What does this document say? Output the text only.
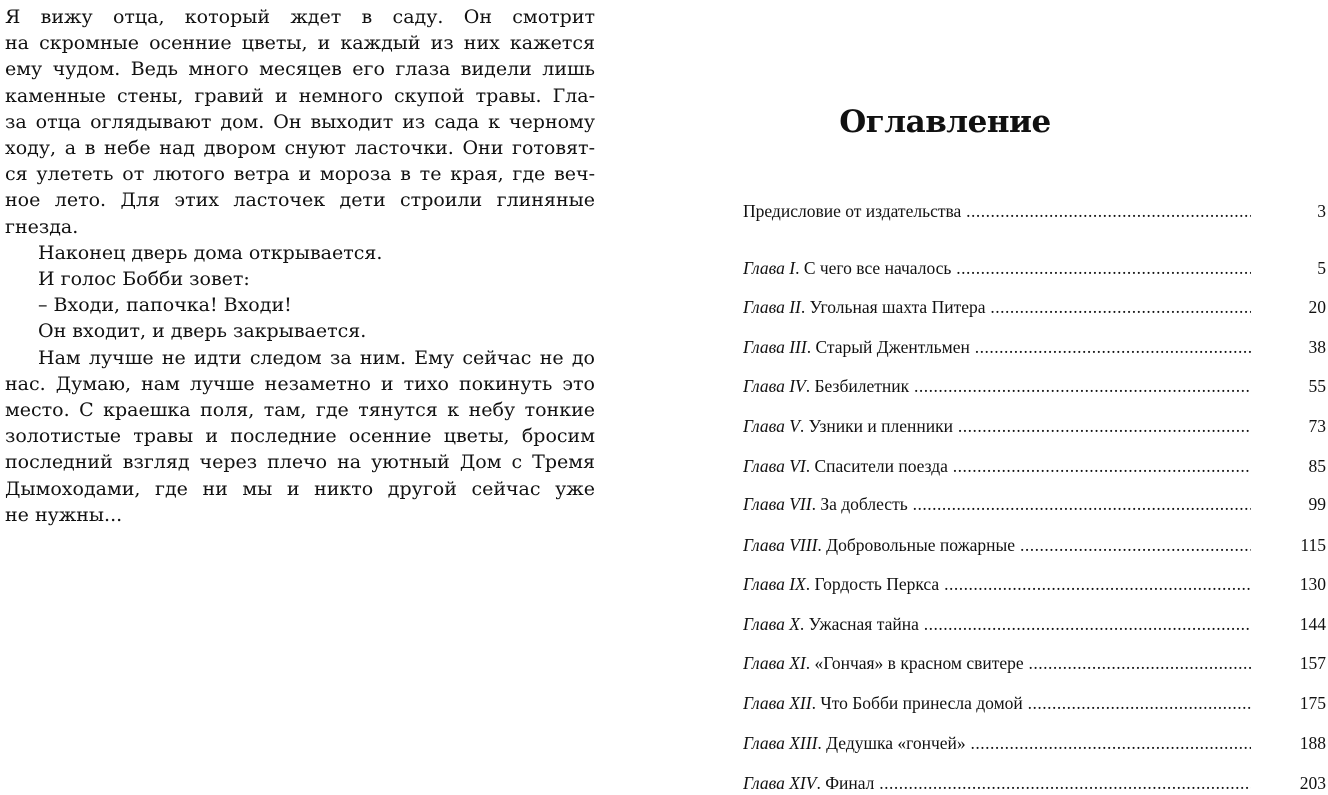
Я вижу отца, который ждет в саду. Он смотрит
на скромные осенние цветы, и каждый из них кажется
ему чудом. Ведь много месяцев его глаза видели лишь
каменные стены, гравий и немного скупой травы. Гла-
за отца оглядывают дом. Он выходит из сада к черному
ходу, а в небе над двором снуют ласточки. Они готовят-
ся улететь от лютого ветра и мороза в те края, где веч-
ное лето. Для этих ласточек дети строили глиняные
гнезда.
Наконец дверь дома открывается.
И голос Бобби зовет:
– Входи, папочка! Входи!
Он входит, и дверь закрывается.
Нам лучше не идти следом за ним. Ему сейчас не до
нас. Думаю, нам лучше незаметно и тихо покинуть это
место. С краешка поля, там, где тянутся к небу тонкие
золотистые травы и последние осенние цветы, бросим
последний взгляд через плечо на уютный Дом с Тремя
Дымоходами, где ни мы и никто другой сейчас уже
не нужны...
Оглавление
Предисловие от издательства .....	3
Глава I. С чего все началось .....	5
Глава II. Угольная шахта Питера .....	20
Глава III. Старый Джентльмен .....	38
Глава IV. Безбилетник .....	55
Глава V. Узники и пленники .....	73
Глава VI. Спасители поезда .....	85
Глава VII. За доблесть .....	99
Глава VIII. Добровольные пожарные .....	115
Глава IX. Гордость Перкса .....	130
Глава X. Ужасная тайна .....	144
Глава XI. «Гончая» в красном свитере .....	157
Глава XII. Что Бобби принесла домой .....	175
Глава XIII. Дедушка «гончей» .....	188
Глава XIV. Финал .....	203
